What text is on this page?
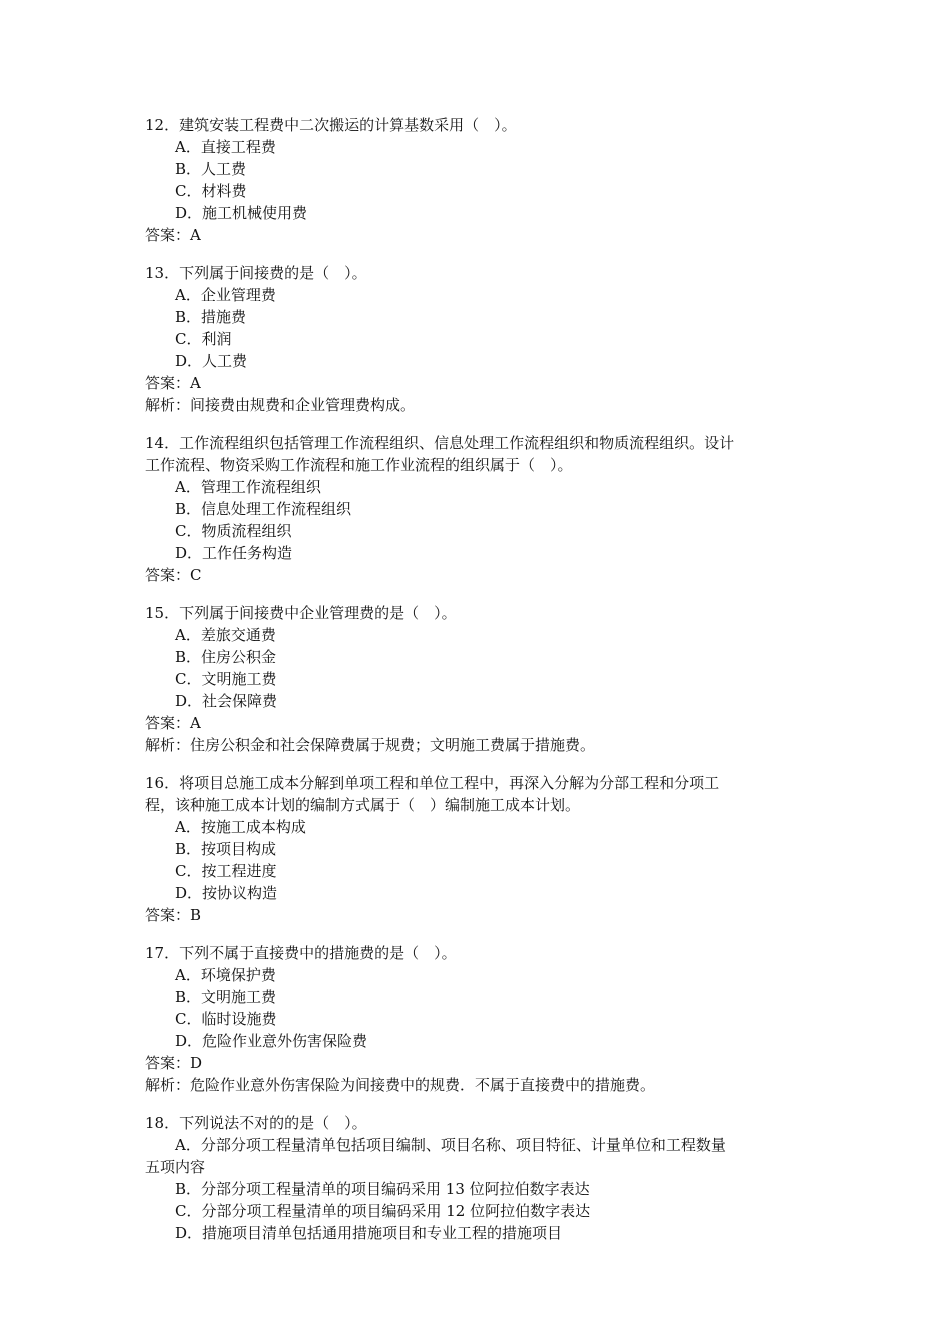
12．建筑安装工程费中二次搬运的计算基数采用（　）。
A．直接工程费
B．人工费
C．材料费
D．施工机械使用费
答案：A
13．下列属于间接费的是（　）。
A．企业管理费
B．措施费
C．利润
D．人工费
答案：A
解析：间接费由规费和企业管理费构成。
14．工作流程组织包括管理工作流程组织、信息处理工作流程组织和物质流程组织。设计
工作流程、物资采购工作流程和施工作业流程的组织属于（　）。
A．管理工作流程组织
B．信息处理工作流程组织
C．物质流程组织
D．工作任务构造
答案：C
15．下列属于间接费中企业管理费的是（　）。
A．差旅交通费
B．住房公积金
C．文明施工费
D．社会保障费
答案：A
解析：住房公积金和社会保障费属于规费；文明施工费属于措施费。
16．将项目总施工成本分解到单项工程和单位工程中，再深入分解为分部工程和分项工
程，该种施工成本计划的编制方式属于（　）编制施工成本计划。
A．按施工成本构成
B．按项目构成
C．按工程进度
D．按协议构造
答案：B
17．下列不属于直接费中的措施费的是（　）。
A．环境保护费
B．文明施工费
C．临时设施费
D．危险作业意外伤害保险费
答案：D
解析：危险作业意外伤害保险为间接费中的规费．不属于直接费中的措施费。
18．下列说法不对的的是（　）。
A．分部分项工程量清单包括项目编制、项目名称、项目特征、计量单位和工程数量
五项内容
B．分部分项工程量清单的项目编码采用 13 位阿拉伯数字表达
C．分部分项工程量清单的项目编码采用 12 位阿拉伯数字表达
D．措施项目清单包括通用措施项目和专业工程的措施项目
